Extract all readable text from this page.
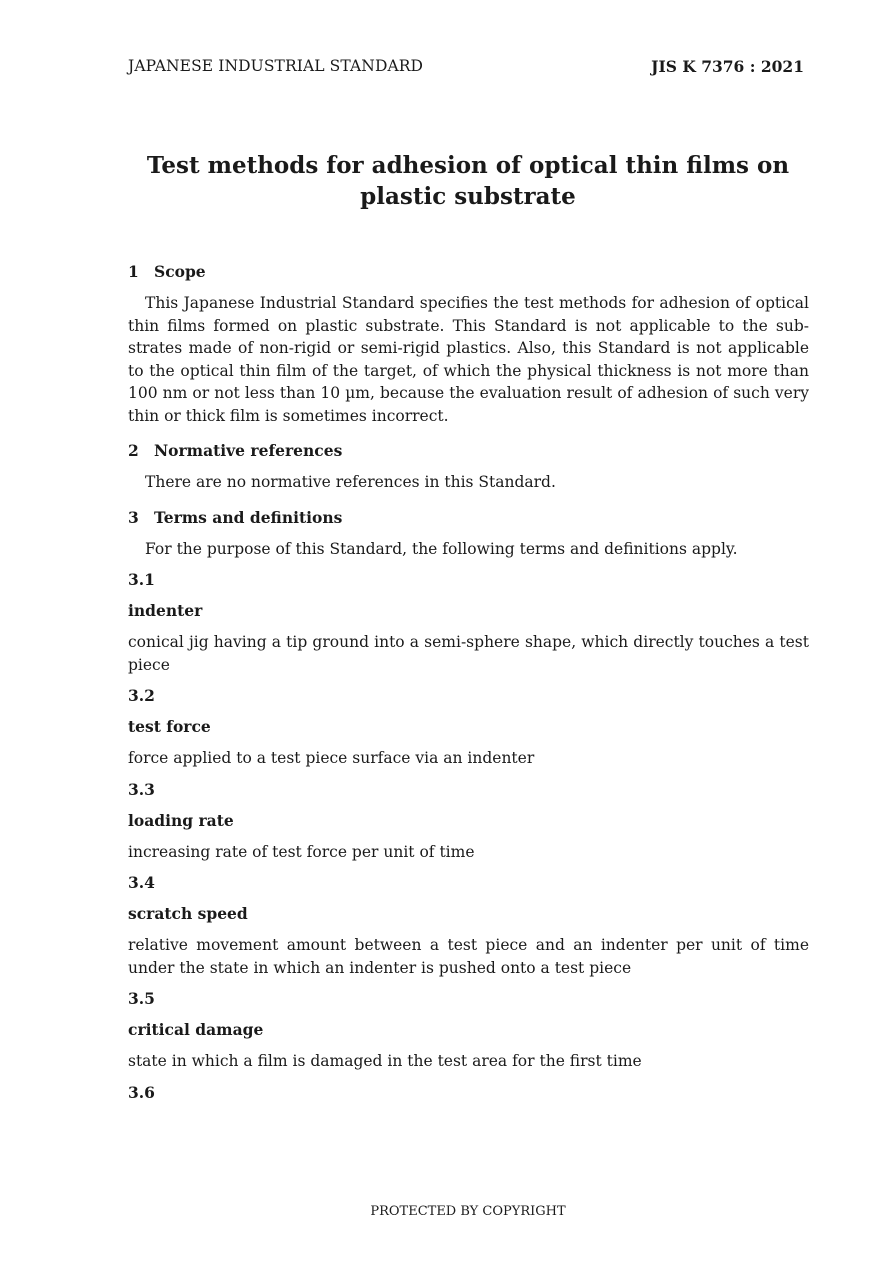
JAPANESE INDUSTRIAL STANDARD	JIS K 7376 : 2021
Test methods for adhesion of optical thin films on plastic substrate

1 Scope

This Japanese Industrial Standard specifies the test methods for adhesion of optical thin films formed on plastic substrate. This Standard is not applicable to the sub-strates made of non-rigid or semi-rigid plastics. Also, this Standard is not applicable to the optical thin film of the target, of which the physical thickness is not more than 100 nm or not less than 10 µm, because the evaluation result of adhesion of such very thin or thick film is sometimes incorrect.

2 Normative references

There are no normative references in this Standard.

3 Terms and definitions

For the purpose of this Standard, the following terms and definitions apply.

3.1

indenter

conical jig having a tip ground into a semi-sphere shape, which directly touches a test piece

3.2

test force

force applied to a test piece surface via an indenter

3.3

loading rate

increasing rate of test force per unit of time

3.4

scratch speed

relative movement amount between a test piece and an indenter per unit of time under the state in which an indenter is pushed onto a test piece

3.5

critical damage

state in which a film is damaged in the test area for the first time

3.6

PROTECTED BY COPYRIGHT
